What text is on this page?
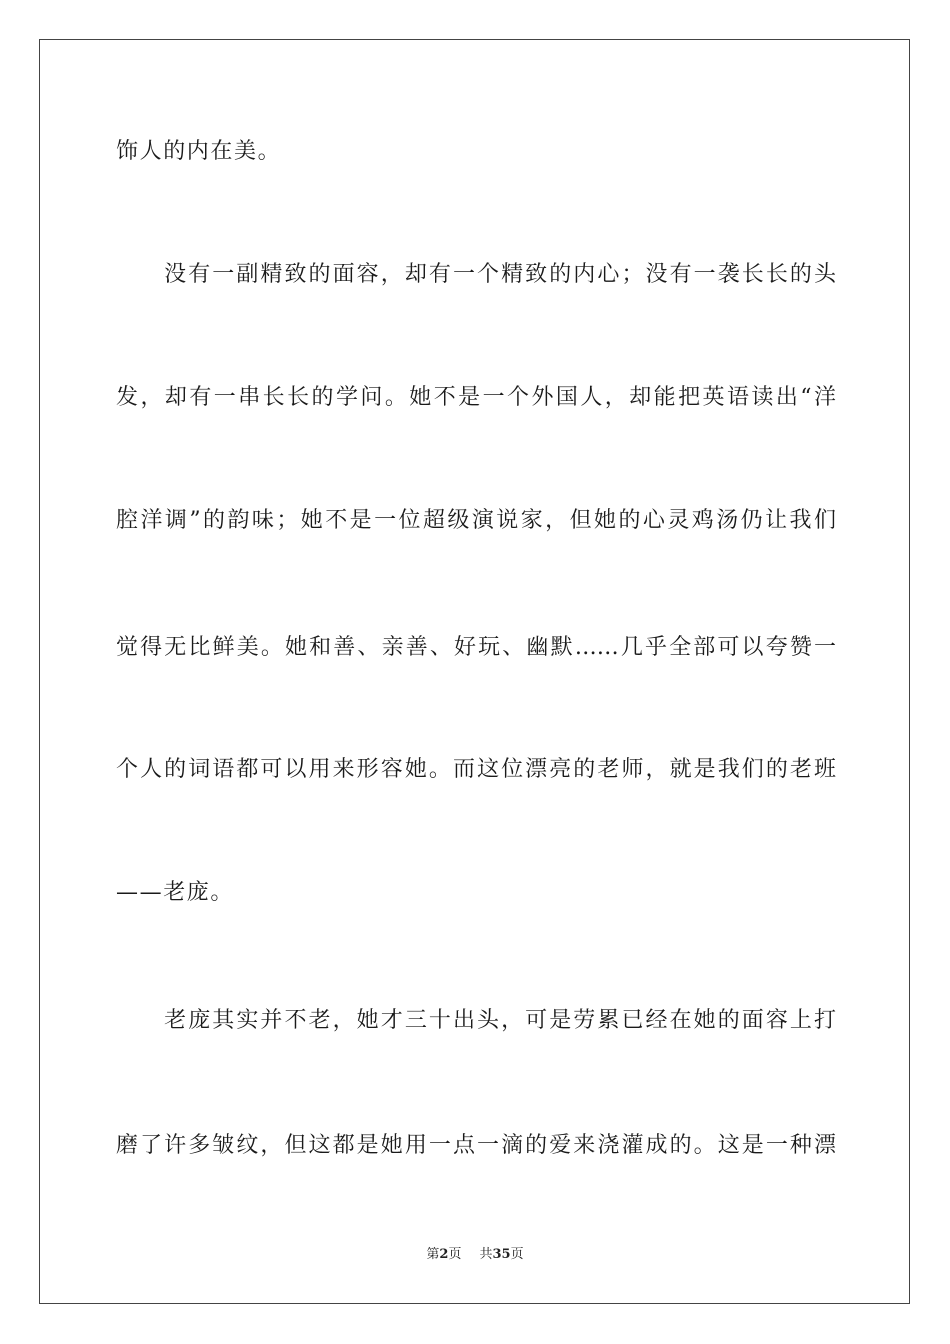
饰人的内在美。
　　没有一副精致的面容，却有一个精致的内心；没有一袭长长的头
发，却有一串长长的学问。她不是一个外国人，却能把英语读出“洋
腔洋调”的韵味；她不是一位超级演说家，但她的心灵鸡汤仍让我们
觉得无比鲜美。她和善、亲善、好玩、幽默……几乎全部可以夸赞一
个人的词语都可以用来形容她。而这位漂亮的老师，就是我们的老班
——老庞。
　　老庞其实并不老，她才三十出头，可是劳累已经在她的面容上打
磨了许多皱纹，但这都是她用一点一滴的爱来浇灌成的。这是一种漂
第2页 共35页
